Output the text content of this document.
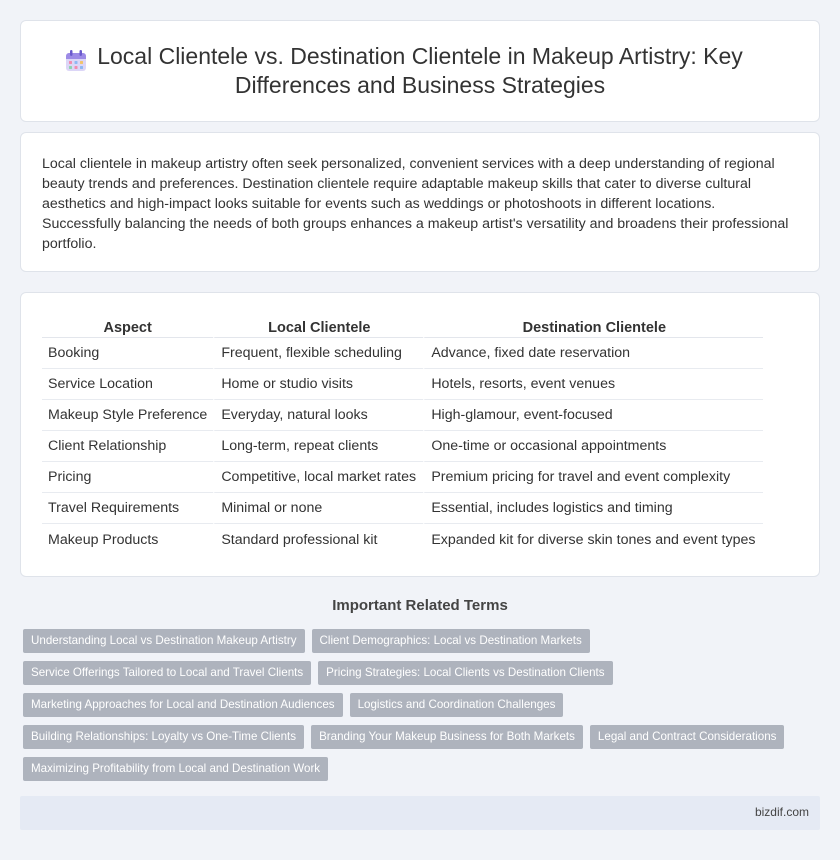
Local Clientele vs. Destination Clientele in Makeup Artistry: Key Differences and Business Strategies

Local clientele in makeup artistry often seek personalized, convenient services with a deep understanding of regional beauty trends and preferences. Destination clientele require adaptable makeup skills that cater to diverse cultural aesthetics and high-impact looks suitable for events such as weddings or photoshoots in different locations. Successfully balancing the needs of both groups enhances a makeup artist's versatility and broadens their professional portfolio.

Aspect	Local Clientele	Destination Clientele
Booking	Frequent, flexible scheduling	Advance, fixed date reservation
Service Location	Home or studio visits	Hotels, resorts, event venues
Makeup Style Preference	Everyday, natural looks	High-glamour, event-focused
Client Relationship	Long-term, repeat clients	One-time or occasional appointments
Pricing	Competitive, local market rates	Premium pricing for travel and event complexity
Travel Requirements	Minimal or none	Essential, includes logistics and timing
Makeup Products	Standard professional kit	Expanded kit for diverse skin tones and event types
Important Related Terms
Understanding Local vs Destination Makeup Artistry	Client Demographics: Local vs Destination Markets
Service Offerings Tailored to Local and Travel Clients	Pricing Strategies: Local Clients vs Destination Clients
Marketing Approaches for Local and Destination Audiences	Logistics and Coordination Challenges
Building Relationships: Loyalty vs One-Time Clients	Branding Your Makeup Business for Both Markets	Legal and Contract Considerations
Maximizing Profitability from Local and Destination Work
bizdif.com
